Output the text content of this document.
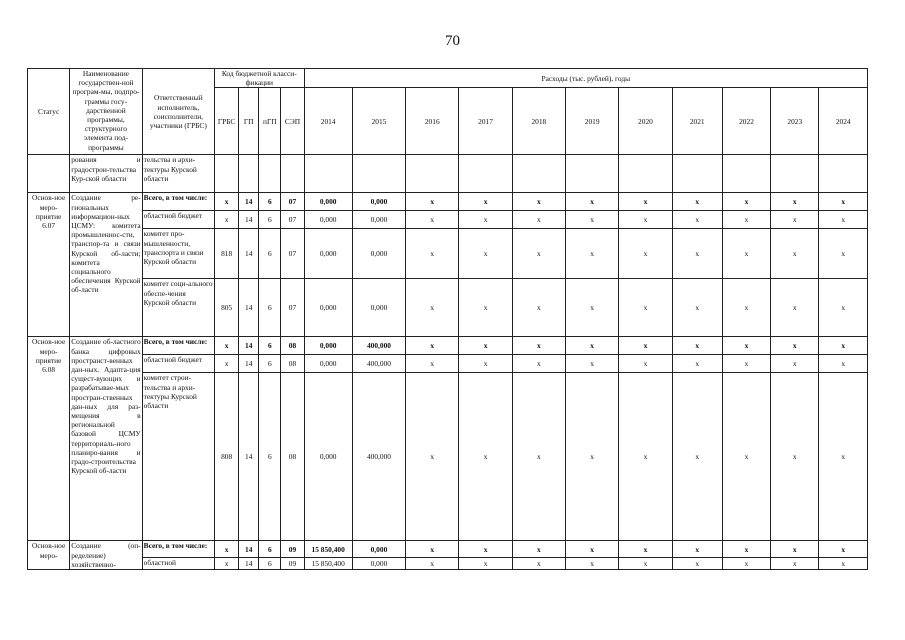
70
Статус	Наименование государствен-ной програм-мы, подпро-граммы госу-дарственной программы, структурного элемента под-программы	Ответственный исполнитель, соисполнители, участники (ГРБС)	Код бюджетной класси-фикации				Расходы (тыс. рублей), годы										
			ГРБС	ГП	пГП	СЭП	2014	2015	2016	2017	2018	2019	2020	2021	2022	2023	2024
	рования и градострои-тельства Кур-ской области	тельства и архи-тектуры Курской области															
Основ-ное меро-приятие 6.07	Создание ре-гиональных информацион-ных ЦСМУ: комитета промышленнос-сти, транспор-та и связи Курской об-ласти; комитета социального обеспечения Курской об-ласти	Всего, в том числе:	x	14	6	07	0,000	0,000	x	x	x	x	x	x	x	x	x
		областной бюджет	x	14	6	07	0,000	0,000	x	x	x	x	x	x	x	x	x
		комитет про-мышленности, транспорта и связи Курской области	818	14	6	07	0,000	0,000	x	x	x	x	x	x	x	x	x
		комитет соци-ального обеспе-чения Курской области	805	14	6	07	0,000	0,000	x	x	x	x	x	x	x	x	x
Основ-ное меро-приятие 6.08	Создание об-ластного банка цифровых пространст-венных дан-ных. Адапта-ция сущест-вующих и разрабатывае-мых простран-ственных дан-ных для раз-мещения в региональной базовой ЦСМУ территориаль-ного планиро-вания и градо-строительства Курской об-ласти	Всего, в том числе:	x	14	6	08	0,000	400,000	x	x	x	x	x	x	x	x	x
		областной бюджет	x	14	6	08	0,000	400,000	x	x	x	x	x	x	x	x	x
		комитет строи-тельства и архи-тектуры Курской области	808	14	6	08	0,000	400,000	x	x	x	x	x	x	x	x	x
Основ-ное меро-	Создание (оп-ределение) хозяйственно-	Всего, в том числе:	x	14	6	09	15 850,400	0,000	x	x	x	x	x	x	x	x	x
		областной	x	14	6	09	15 850,400	0,000	x	x	x	x	x	x	x	x	x
